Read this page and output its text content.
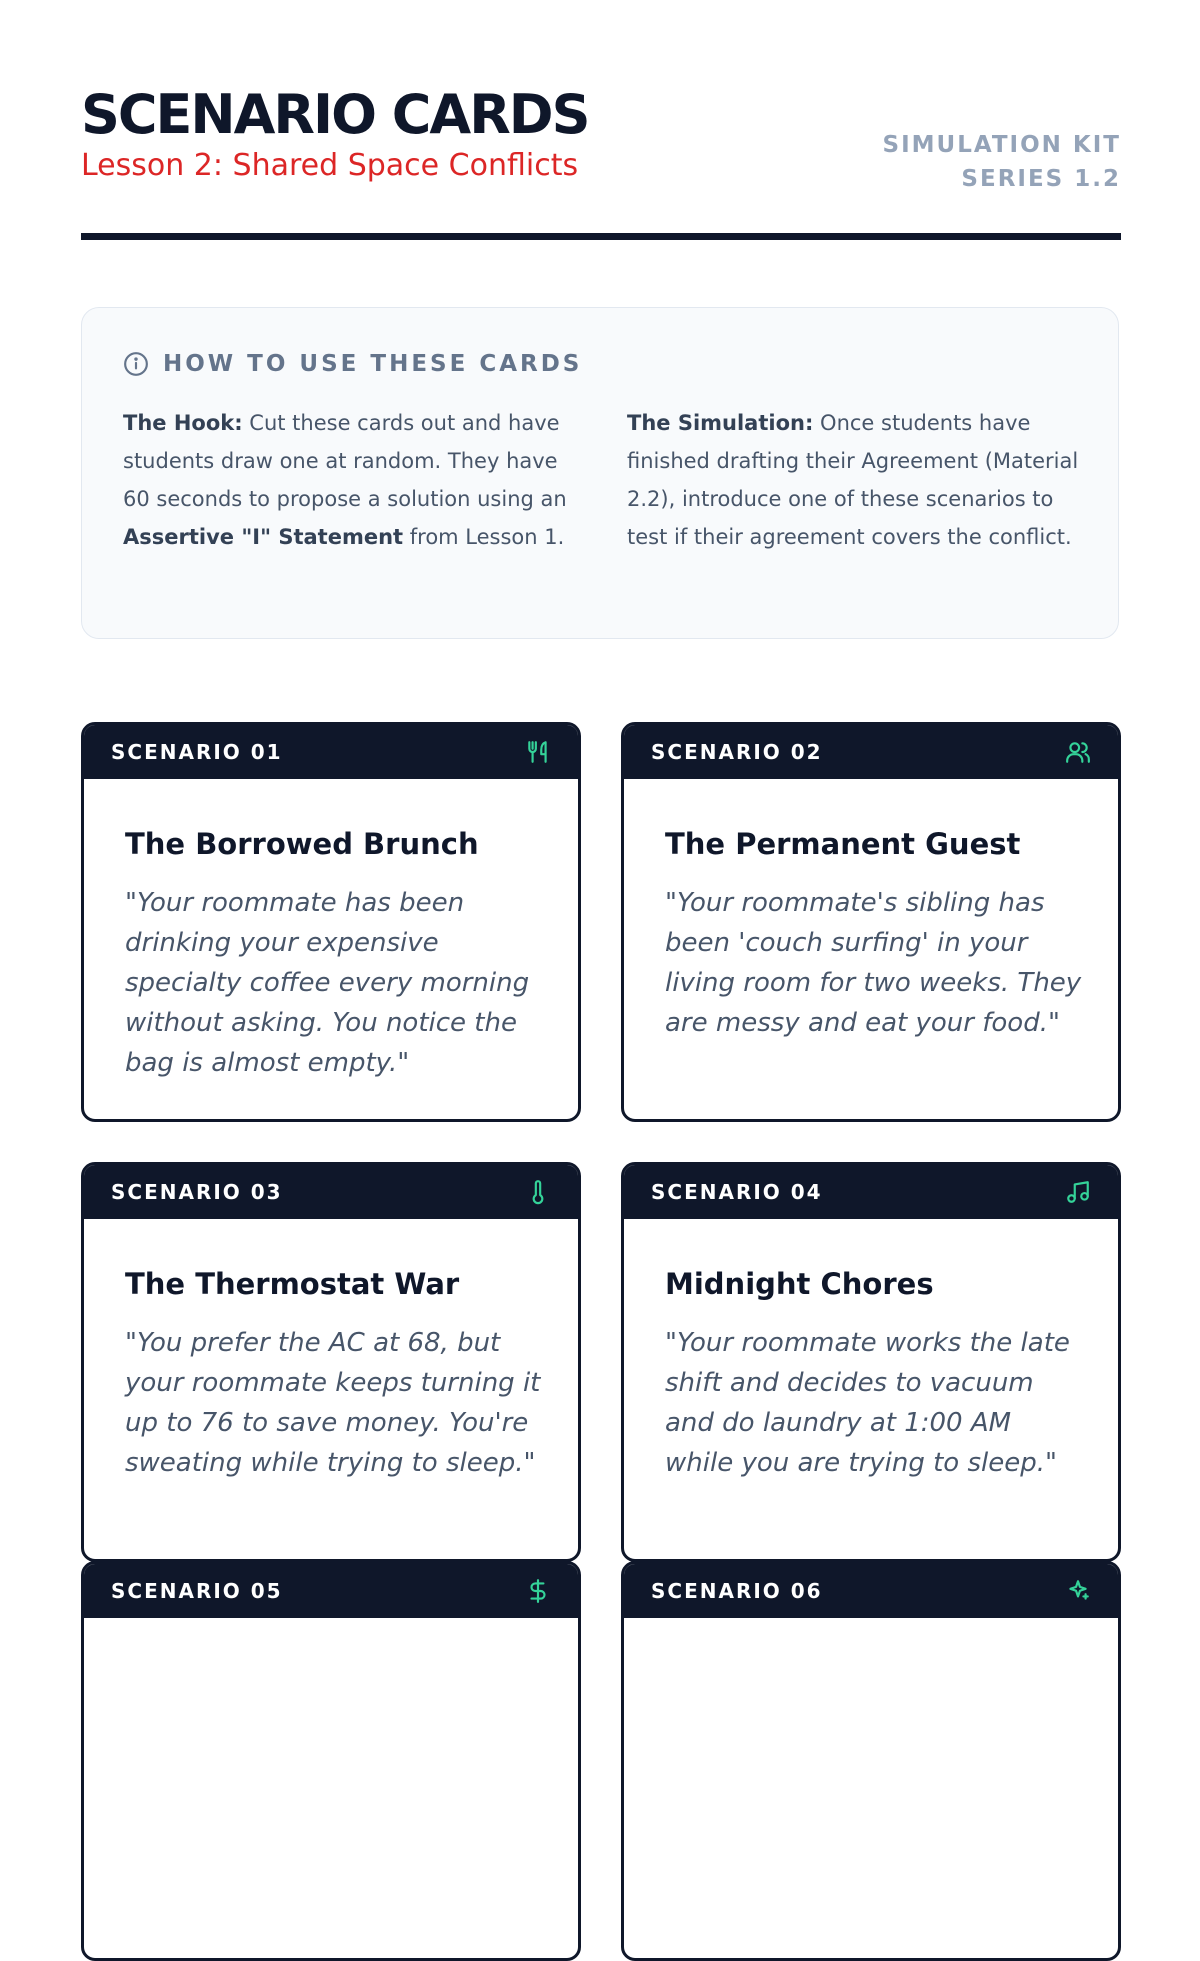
SCENARIO CARDS
Lesson 2: Shared Space Conflicts
SIMULATION KIT
SERIES 1.2
HOW TO USE THESE CARDS
The Hook: Cut these cards out and have students draw one at random. They have 60 seconds to propose a solution using an Assertive "I" Statement from Lesson 1.
The Simulation: Once students have finished drafting their Agreement (Material 2.2), introduce one of these scenarios to test if their agreement covers the conflict.
SCENARIO 01
The Borrowed Brunch
"Your roommate has been drinking your expensive specialty coffee every morning without asking. You notice the bag is almost empty."
SCENARIO 02
The Permanent Guest
"Your roommate's sibling has been 'couch surfing' in your living room for two weeks. They are messy and eat your food."
SCENARIO 03
The Thermostat War
"You prefer the AC at 68, but your roommate keeps turning it up to 76 to save money. You're sweating while trying to sleep."
SCENARIO 04
Midnight Chores
"Your roommate works the late shift and decides to vacuum and do laundry at 1:00 AM while you are trying to sleep."
SCENARIO 05	SCENARIO 06
